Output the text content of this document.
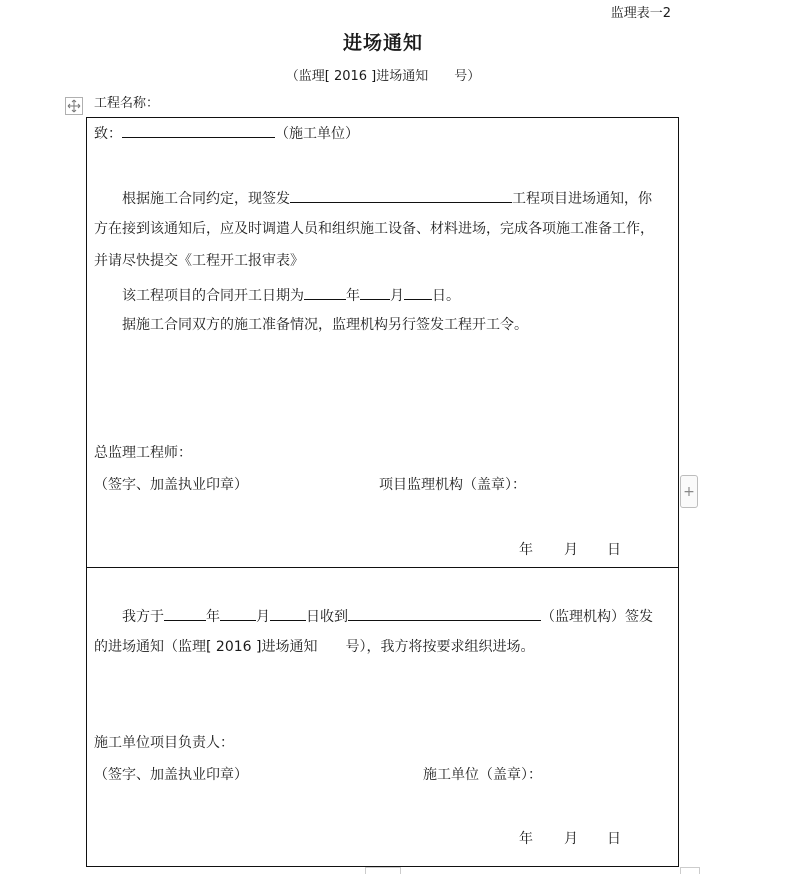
监理表一2
进场通知
（监理[ 2016 ]进场通知　　号）
工程名称：
致：	（施工单位）
根据施工合同约定，现签发	工程项目进场通知，你
方在接到该通知后，应及时调遣人员和组织施工设备、材料进场，完成各项施工准备工作，
并请尽快提交《工程开工报审表》
该工程项目的合同开工日期为	年 月 日。
据施工合同双方的施工准备情况，监理机构另行签发工程开工令。
总监理工程师：
（签字、加盖执业印章）	项目监理机构（盖章）：
年 月 日
我方于	年	月	日收到	（监理机构）签发
的进场通知（监理[ 2016 ]进场通知　　号），我方将按要求组织进场。
施工单位项目负责人：
（签字、加盖执业印章）	施工单位（盖章）：
年 月 日
+
